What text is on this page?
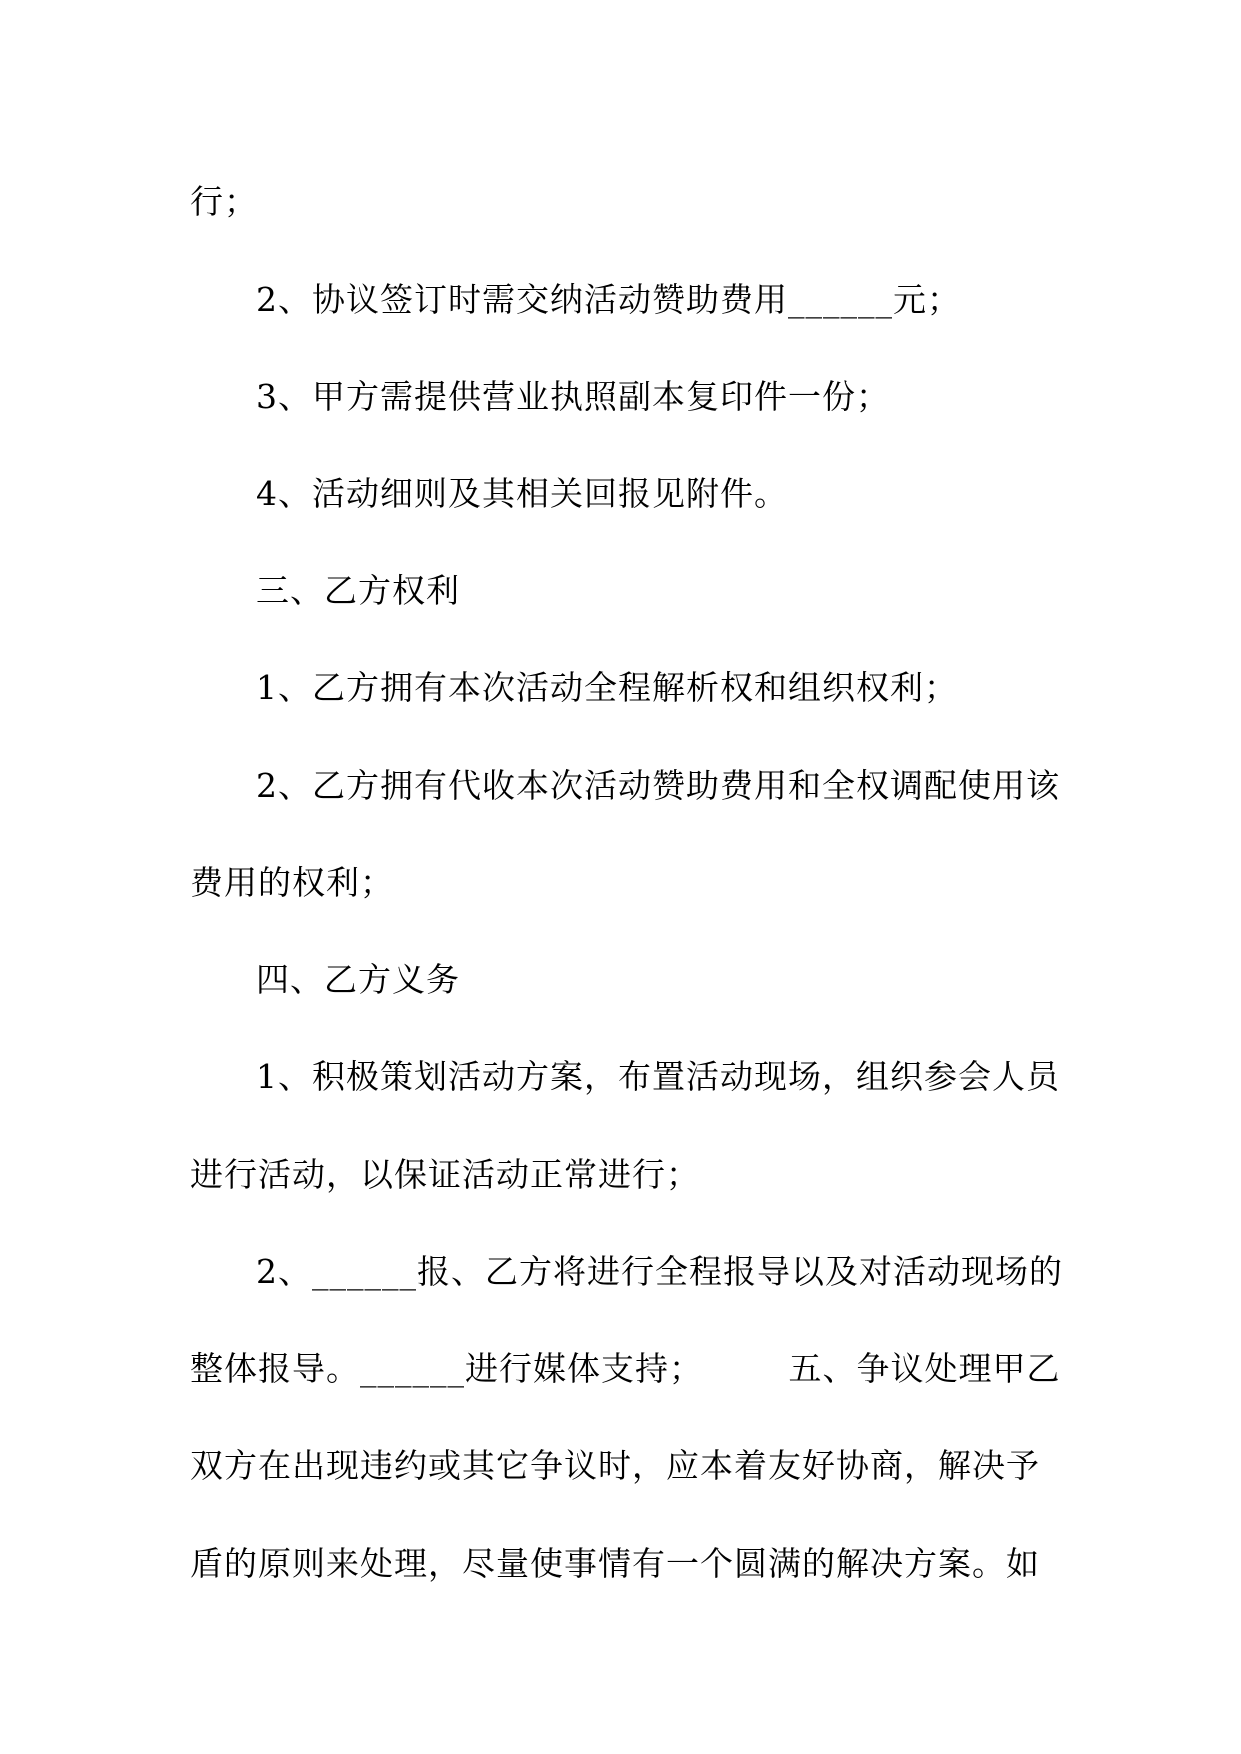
行；
2、协议签订时需交纳活动赞助费用______元；
3、甲方需提供营业执照副本复印件一份；
4、活动细则及其相关回报见附件。
三、乙方权利
1、乙方拥有本次活动全程解析权和组织权利；
2、乙方拥有代收本次活动赞助费用和全权调配使用该
费用的权利；
四、乙方义务
1、积极策划活动方案，布置活动现场，组织参会人员
进行活动，以保证活动正常进行；
2、______报、乙方将进行全程报导以及对活动现场的
整体报导。______进行媒体支持；　　　五、争议处理甲乙
双方在出现违约或其它争议时，应本着友好协商，解决予
盾的原则来处理，尽量使事情有一个圆满的解决方案。如
